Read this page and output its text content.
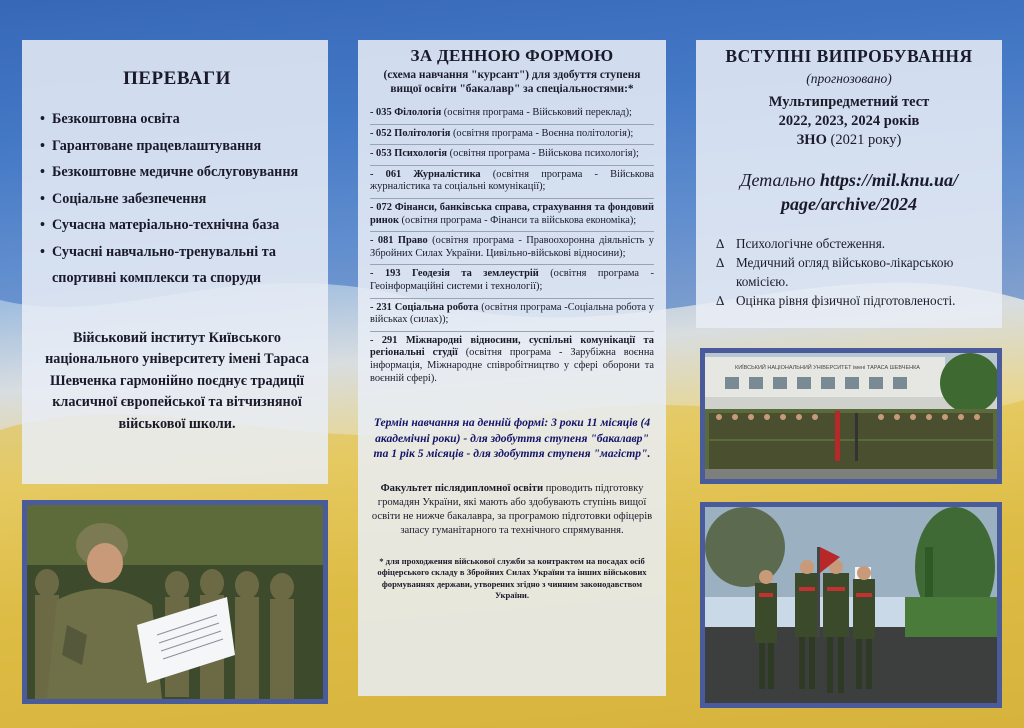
ПЕРЕВАГИ
• Безкоштовна освіта
• Гарантоване працевлаштування
• Безкоштовне медичне обслуговування
• Соціальне забезпечення
• Сучасна матеріально-технічна база
• Сучасні навчально-тренувальні та спортивні комплекси та споруди

Військовий інститут Київського національного університету імені Тараса Шевченка гармонійно поєднує традиції класичної європейської та вітчизняної військової школи.

ЗА ДЕННОЮ ФОРМОЮ

(схема навчання "курсант") для здобуття ступеня вищої освіти "бакалавр" за спеціальностями:*

- 035 Філологія (освітня програма - Військовий переклад);
- 052 Політологія (освітня програма - Воєнна політологія);
- 053 Психологія (освітня програма - Військова психологія);
- 061 Журналістика (освітня програма - Військова журналістика та соціальні комунікації);
- 072 Фінанси, банківська справа, страхування та фондовий ринок (освітня програма - Фінанси та військова економіка);
- 081 Право (освітня програма - Правоохоронна діяльність у Збройних Силах України. Цивільно-військові відносини);
- 193 Геодезія та землеустрій (освітня програма - Геоінформаційні системи і технології);
- 231 Соціальна робота (освітня програма -Соціальна робота у військах (силах));
- 291 Міжнародні відносини, суспільні комунікації та регіональні студії (освітня програма - Зарубіжна воєнна інформація, Міжнародне співробітництво у сфері оборони та воєнній сфері).

Термін навчання на денній формі: 3 роки 11 місяців (4 академічні роки) - для здобуття ступеня "бакалавр" та 1 рік 5 місяців - для здобуття ступеня "магістр".

Факультет післядипломної освіти проводить підготовку громадян України, які мають або здобувають ступінь вищої освіти не нижче бакалавра, за програмою підготовки офіцерів запасу гуманітарного та технічного спрямування.

* для проходження військової служби за контрактом на посадах осіб офіцерського складу в Збройних Силах України та інших військових формуваннях держави, утворених згідно з чинним законодавством України.

ВСТУПНІ ВИПРОБУВАННЯ

(прогнозовано)

Мультипредметний тест
2022, 2023, 2024 років
ЗНО (2021 року)

Детально https://mil.knu.ua/ page/archive/2024

∆ Психологічне обстеження.
∆ Медичний огляд військово-лікарською комісією.
∆ Оцінка рівня фізичної підготовленості.
КИЇВСЬКИЙ НАЦІОНАЛЬНИЙ УНІВЕРСИТЕТ імені ТАРАСА ШЕВЧЕНКА
